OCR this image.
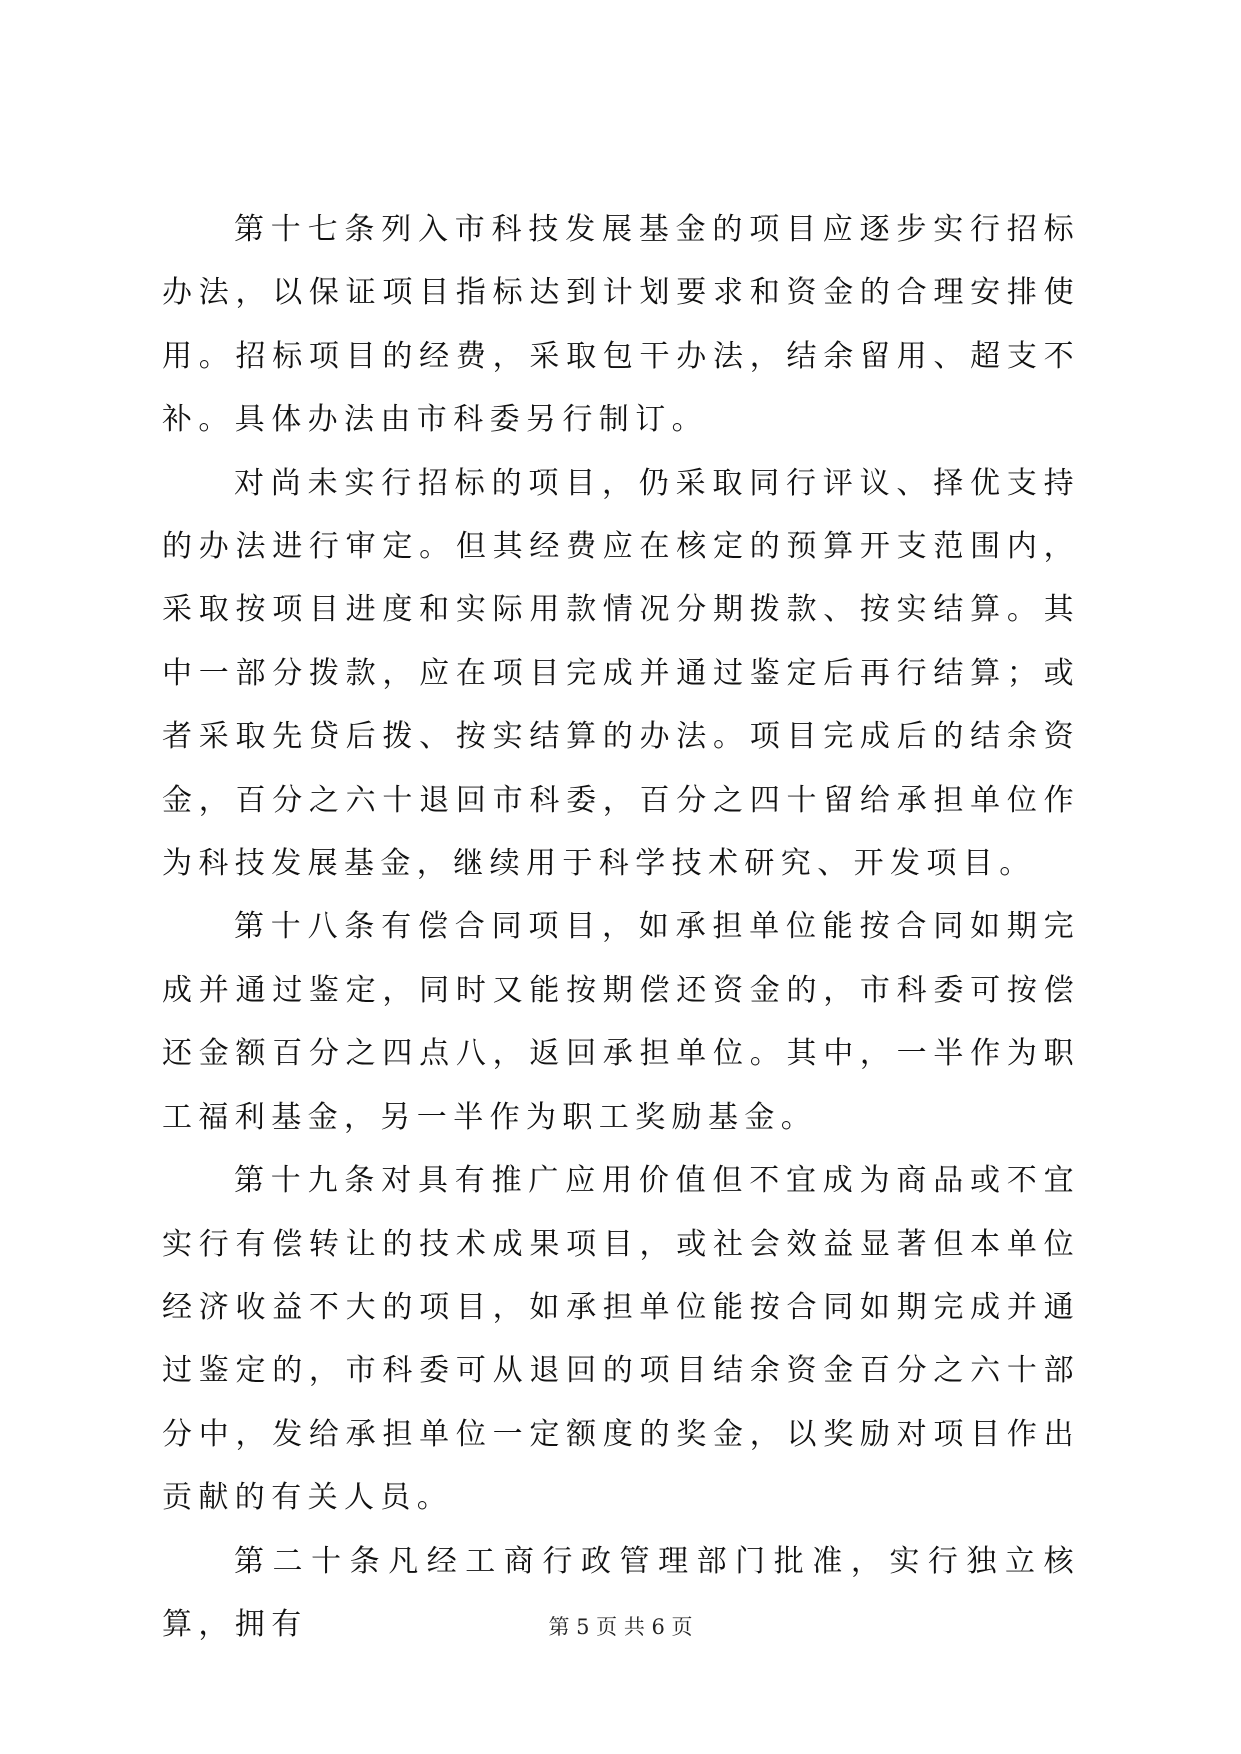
第十七条列入市科技发展基金的项目应逐步实行招标办法，以保证项目指标达到计划要求和资金的合理安排使用。招标项目的经费，采取包干办法，结余留用、超支不补。具体办法由市科委另行制订。

对尚未实行招标的项目，仍采取同行评议、择优支持的办法进行审定。但其经费应在核定的预算开支范围内，采取按项目进度和实际用款情况分期拨款、按实结算。其中一部分拨款，应在项目完成并通过鉴定后再行结算；或者采取先贷后拨、按实结算的办法。项目完成后的结余资金，百分之六十退回市科委，百分之四十留给承担单位作为科技发展基金，继续用于科学技术研究、开发项目。

第十八条有偿合同项目，如承担单位能按合同如期完成并通过鉴定，同时又能按期偿还资金的，市科委可按偿还金额百分之四点八，返回承担单位。其中，一半作为职工福利基金，另一半作为职工奖励基金。

第十九条对具有推广应用价值但不宜成为商品或不宜实行有偿转让的技术成果项目，或社会效益显著但本单位经济收益不大的项目，如承担单位能按合同如期完成并通过鉴定的，市科委可从退回的项目结余资金百分之六十部分中，发给承担单位一定额度的奖金，以奖励对项目作出贡献的有关人员。

第二十条凡经工商行政管理部门批准，实行独立核算，拥有	第 5 页 共 6 页
